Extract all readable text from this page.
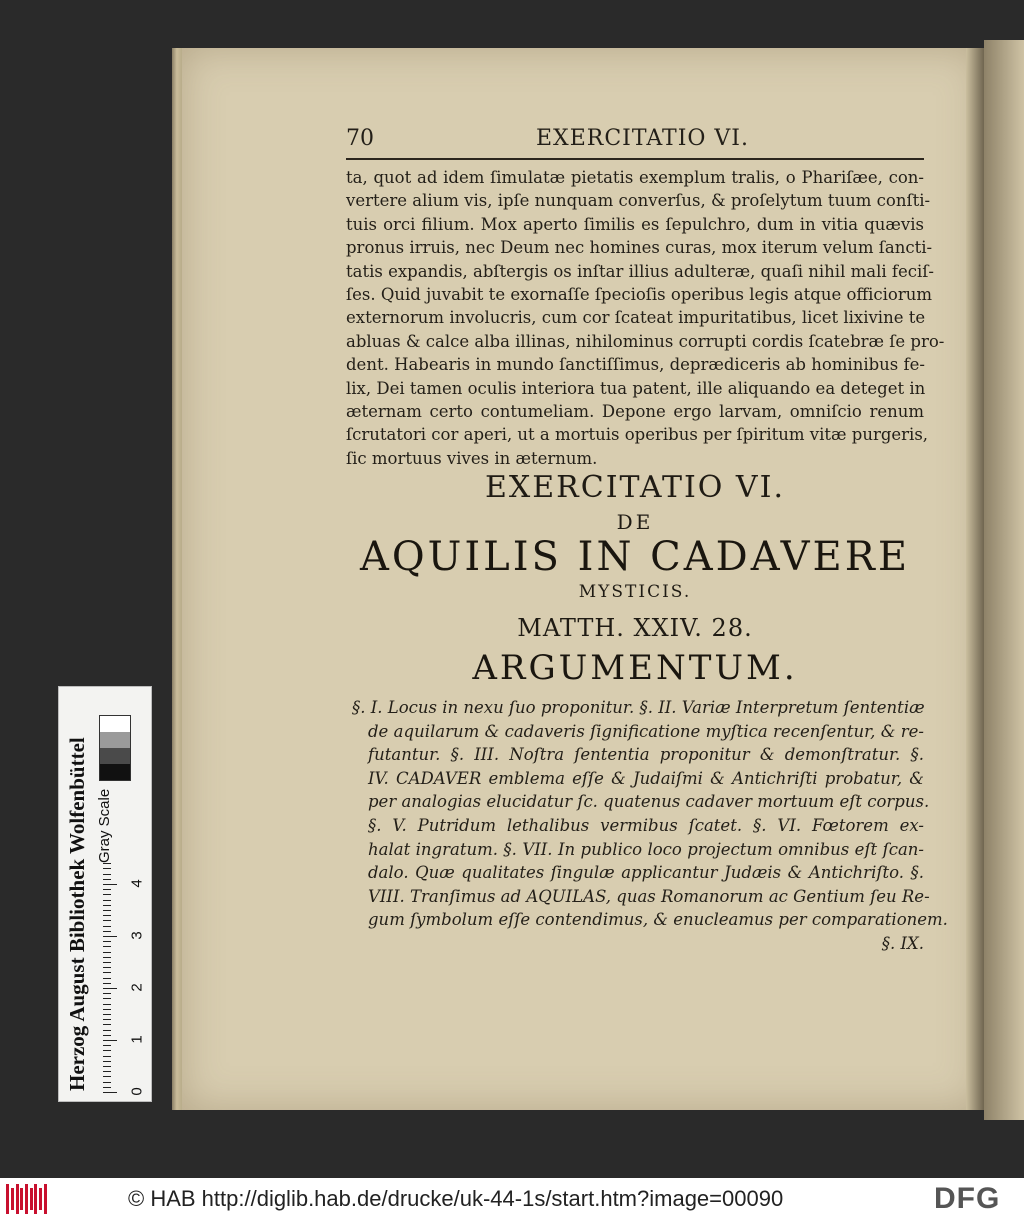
70	EXERCITATIO VI.
ta, quot ad idem ſimulatæ pietatis exemplum tralis, o Phariſæe, con-
vertere alium vis, ipſe nunquam converſus, & proſelytum tuum conſti-
tuis orci filium. Mox aperto ſimilis es ſepulchro, dum in vitia quævis
pronus irruis, nec Deum nec homines curas, mox iterum velum ſancti-
tatis expandis, abſtergis os inſtar illius adulteræ, quaſi nihil mali feciſ-
ſes. Quid juvabit te exornaſſe ſpecioſis operibus legis atque officiorum
externorum involucris, cum cor ſcateat impuritatibus, licet lixivine te
abluas & calce alba illinas, nihilominus corrupti cordis ſcatebræ ſe pro-
dent. Habearis in mundo ſanctiſſimus, deprædiceris ab hominibus fe-
lix, Dei tamen oculis interiora tua patent, ille aliquando ea deteget in
æternam certo contumeliam. Depone ergo larvam, omniſcio renum
ſcrutatori cor aperi, ut a mortuis operibus per ſpiritum vitæ purgeris,
ſic mortuus vives in æternum.
EXERCITATIO VI.
DE
AQUILIS IN CADAVERE
MYSTICIS.
MATTH. XXIV. 28.
ARGUMENTUM.
§. I. Locus in nexu ſuo proponitur. §. II. Variæ Interpretum ſententiæ
de aquilarum & cadaveris ſignificatione myſtica recenſentur, & re-
futantur. §. III. Noſtra ſententia proponitur & demonſtratur. §.
IV. CADAVER emblema eſſe & Judaiſmi & Antichriſti probatur, &
per analogias elucidatur ſc. quatenus cadaver mortuum eſt corpus.
§. V. Putridum lethalibus vermibus ſcatet. §. VI. Fœtorem ex-
halat ingratum. §. VII. In publico loco projectum omnibus eſt ſcan-
dalo. Quæ qualitates ſingulæ applicantur Judæis & Antichriſto. §.
VIII. Tranſimus ad AQUILAS, quas Romanorum ac Gentium ſeu Re-
gum ſymbolum eſſe contendimus, & enucleamus per comparationem.
§. IX.
Herzog August Bibliothek Wolfenbüttel Gray Scale
0
1
2
3
4
© HAB http://diglib.hab.de/drucke/uk-44-1s/start.htm?image=00090	DFG
